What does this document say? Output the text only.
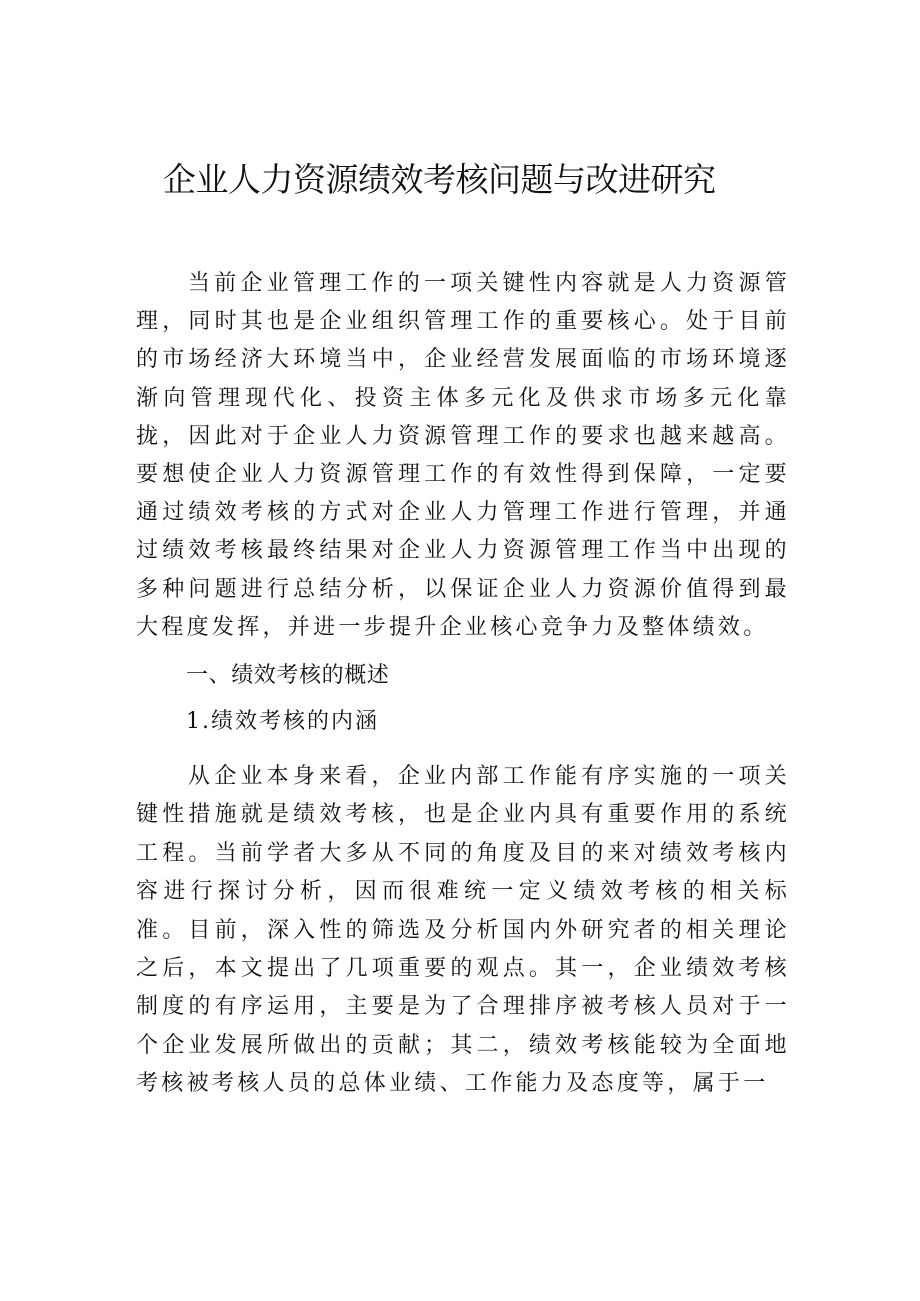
企业人力资源绩效考核问题与改进研究

当前企业管理工作的一项关键性内容就是人力资源管理，同时其也是企业组织管理工作的重要核心。处于目前的市场经济大环境当中，企业经营发展面临的市场环境逐渐向管理现代化、投资主体多元化及供求市场多元化靠拢，因此对于企业人力资源管理工作的要求也越来越高。要想使企业人力资源管理工作的有效性得到保障，一定要通过绩效考核的方式对企业人力管理工作进行管理，并通过绩效考核最终结果对企业人力资源管理工作当中出现的多种问题进行总结分析，以保证企业人力资源价值得到最大程度发挥，并进一步提升企业核心竞争力及整体绩效。

一、绩效考核的概述
1.绩效考核的内涵

从企业本身来看，企业内部工作能有序实施的一项关键性措施就是绩效考核，也是企业内具有重要作用的系统工程。当前学者大多从不同的角度及目的来对绩效考核内容进行探讨分析，因而很难统一定义绩效考核的相关标准。目前，深入性的筛选及分析国内外研究者的相关理论之后，本文提出了几项重要的观点。其一，企业绩效考核制度的有序运用，主要是为了合理排序被考核人员对于一个企业发展所做出的贡献；其二，绩效考核能较为全面地考核被考核人员的总体业绩、工作能力及态度等，属于一
